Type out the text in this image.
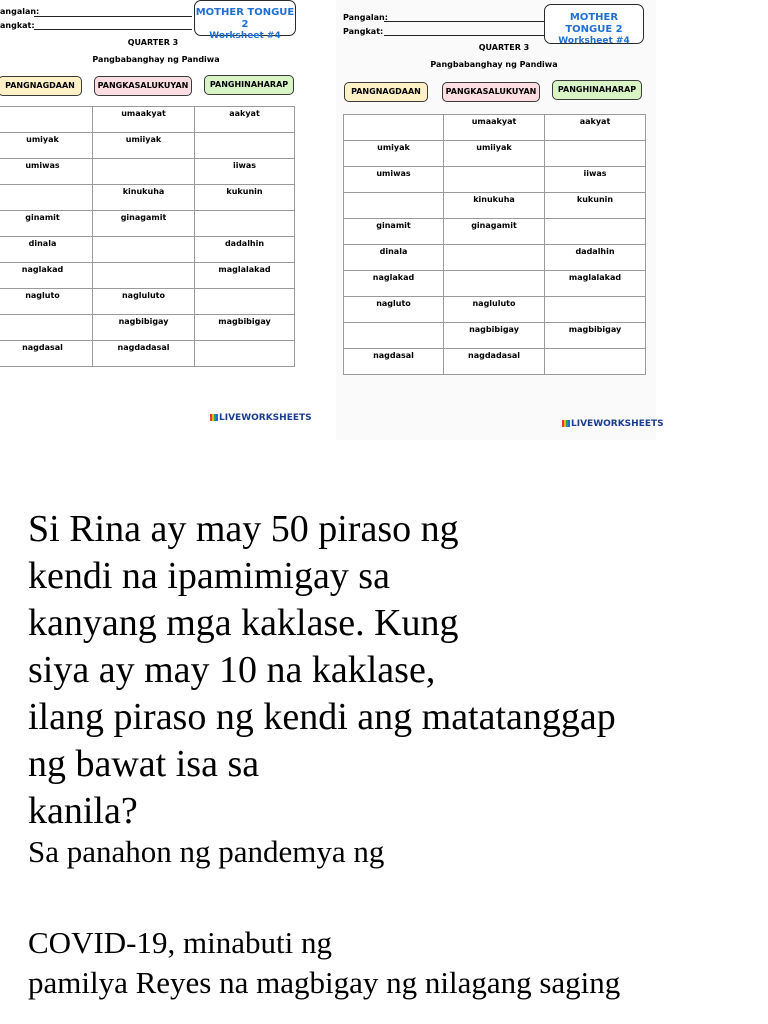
angalan:
angkat:
MOTHER TONGUE 2
Worksheet #4
QUARTER 3
Pangbabanghay ng Pandiwa
PANGNAGDAAN	PANGKASALUKUYAN	PANGHINAHARAP
	umaakyat	aakyat
umiyak	umiiyak	
umiwas		iiwas
	kinukuha	kukunin
ginamit	ginagamit	
dinala		dadalhin
naglakad		maglalakad
nagluto	nagluluto	
	nagbibigay	magbibigay
nagdasal	nagdadasal	
LIVEWORKSHEETS
Pangalan:
Pangkat:
MOTHER TONGUE 2
Worksheet #4
QUARTER 3
Pangbabanghay ng Pandiwa
PANGNAGDAAN	PANGKASALUKUYAN	PANGHINAHARAP
	umaakyat	aakyat
umiyak	umiiyak	
umiwas		iiwas
	kinukuha	kukunin
ginamit	ginagamit	
dinala		dadalhin
naglakad		maglalakad
nagluto	nagluluto	
	nagbibigay	magbibigay
nagdasal	nagdadasal	
LIVEWORKSHEETS
Si Rina ay may 50 piraso ng
kendi na ipamimigay sa
kanyang mga kaklase. Kung
siya ay may 10 na kaklase,
ilang piraso ng kendi ang matatanggap
ng bawat isa sa
kanila?
Sa panahon ng pandemya ng
COVID-19, minabuti ng
pamilya Reyes na magbigay ng nilagang saging
